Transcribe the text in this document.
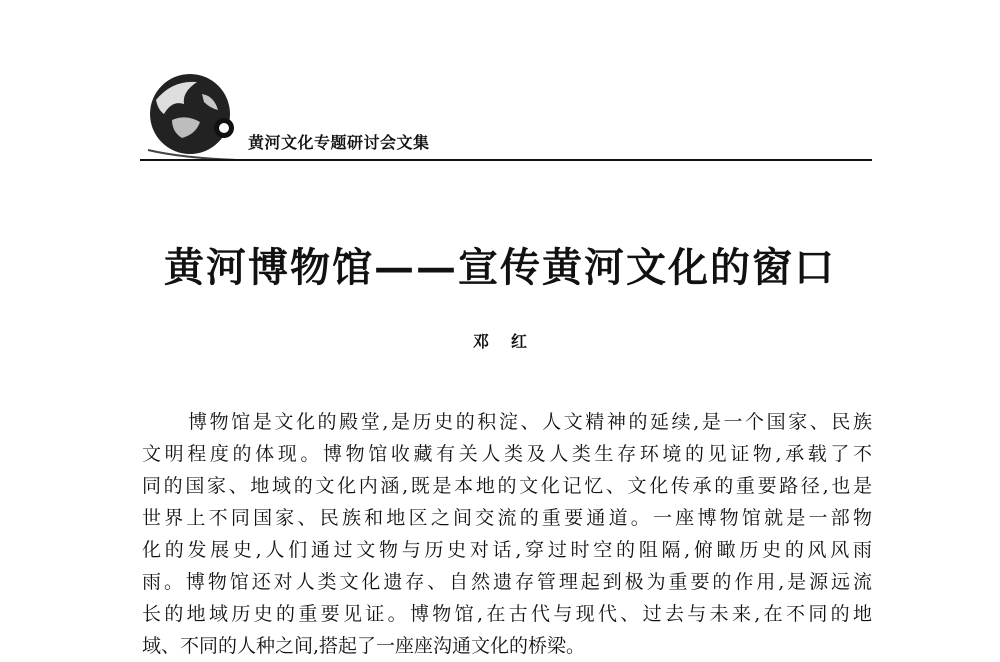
黄河文化专题研讨会文集
黄河博物馆——宣传黄河文化的窗口
邓红
博物馆是文化的殿堂,是历史的积淀、人文精神的延续,是一个国家、民族
文明程度的体现。博物馆收藏有关人类及人类生存环境的见证物,承载了不
同的国家、地域的文化内涵,既是本地的文化记忆、文化传承的重要路径,也是
世界上不同国家、民族和地区之间交流的重要通道。一座博物馆就是一部物
化的发展史,人们通过文物与历史对话,穿过时空的阻隔,俯瞰历史的风风雨
雨。博物馆还对人类文化遗存、自然遗存管理起到极为重要的作用,是源远流
长的地域历史的重要见证。博物馆,在古代与现代、过去与未来,在不同的地
域、不同的人种之间,搭起了一座座沟通文化的桥梁。
